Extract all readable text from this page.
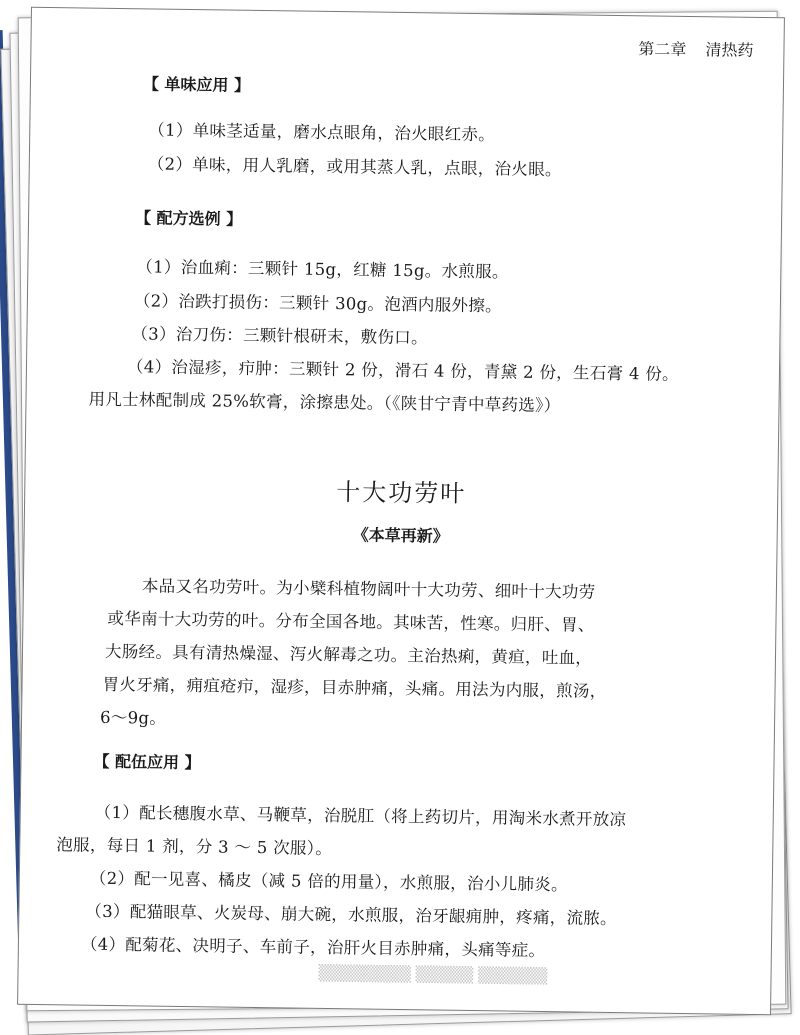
第二章 清热药
【 单味应用 】
（1）单味茎适量，磨水点眼角，治火眼红赤。
（2）单味，用人乳磨，或用其蒸人乳，点眼，治火眼。
【 配方选例 】
（1）治血痢：三颗针 15g，红糖 15g。水煎服。
（2）治跌打损伤：三颗针 30g。泡酒内服外擦。
（3）治刀伤：三颗针根研末，敷伤口。
（4）治湿疹，疖肿：三颗针 2 份，滑石 4 份，青黛 2 份，生石膏 4 份。
用凡士林配制成 25%软膏，涂擦患处。（《陕甘宁青中草药选》）
十大功劳叶
《本草再新》
本品又名功劳叶。为小檗科植物阔叶十大功劳、细叶十大功劳
或华南十大功劳的叶。分布全国各地。其味苦，性寒。归肝、胃、
大肠经。具有清热燥湿、泻火解毒之功。主治热痢，黄疸，吐血，
胃火牙痛，痈疽疮疖，湿疹，目赤肿痛，头痛。用法为内服，煎汤，
6～9g。
【 配伍应用 】
（1）配长穗腹水草、马鞭草，治脱肛（将上药切片，用淘米水煮开放凉
泡服，每日 1 剂，分 3 ～ 5 次服）。
（2）配一见喜、橘皮（减 5 倍的用量），水煎服，治小儿肺炎。
（3）配猫眼草、火炭母、崩大碗，水煎服，治牙龈痈肿，疼痛，流脓。
（4）配菊花、决明子、车前子，治肝火目赤肿痛，头痛等症。
▒▒▒▒▒▒▒▒ ▒▒▒▒▒ ▒▒▒▒▒▒
